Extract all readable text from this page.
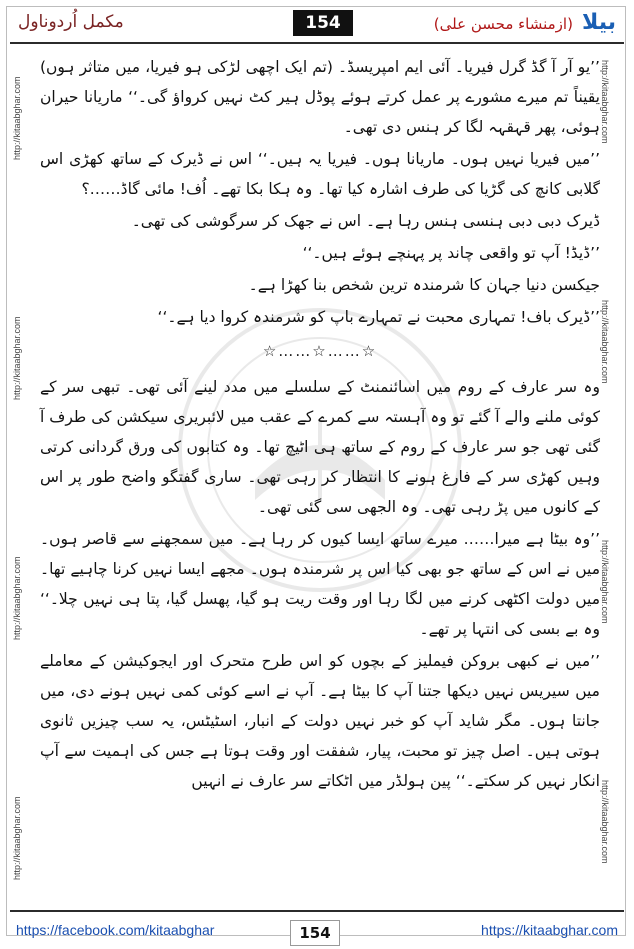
مکمل اُردوناول	154	بیلا (ازمنشاء محسن علی)
http://kitaabghar.com
http://kitaabghar.com
http://kitaabghar.com
http://kitaabghar.com
http://kitaabghar.com
http://kitaabghar.com
http://kitaabghar.com
http://kitaabghar.com

’’یو آر آ گڈ گرل فیریا۔ آئی ایم امپریسڈ۔ (تم ایک اچھی لڑکی ہو فیریا، میں متاثر ہوں) یقیناً تم میرے مشورے پر عمل کرتے ہوئے پوڈل ہیر کٹ نہیں کرواؤ گی۔‘‘ ماریانا حیران ہوئی، پھر قہقہہ لگا کر ہنس دی تھی۔

’’میں فیریا نہیں ہوں۔ ماریانا ہوں۔ فیریا یہ ہیں۔‘‘ اس نے ڈیرک کے ساتھ کھڑی اس گلابی کانچ کی گڑیا کی طرف اشارہ کیا تھا۔ وہ ہکا بکا تھے۔ اُف! مائی گاڈ……؟

ڈیرک دبی دبی ہنسی ہنس رہا ہے۔ اس نے جھک کر سرگوشی کی تھی۔

’’ڈیڈ! آپ تو واقعی چاند پر پہنچے ہوئے ہیں۔‘‘

جیکسن دنیا جہان کا شرمندہ ترین شخص بنا کھڑا ہے۔

’’ڈیرک باف! تمہاری محبت نے تمہارے باپ کو شرمندہ کروا دیا ہے۔‘‘

☆……☆……☆

وہ سر عارف کے روم میں اسائنمنٹ کے سلسلے میں مدد لینے آئی تھی۔ تبھی سر کے کوئی ملنے والے آ گئے تو وہ آہستہ سے کمرے کے عقب میں لائبریری سیکشن کی طرف آ گئی تھی جو سر عارف کے روم کے ساتھ ہی اٹیچ تھا۔ وہ کتابوں کی ورق گردانی کرتی وہیں کھڑی سر کے فارغ ہونے کا انتظار کر رہی تھی۔ ساری گفتگو واضح طور پر اس کے کانوں میں پڑ رہی تھی۔ وہ الجھی سی گئی تھی۔

’’وہ بیٹا ہے میرا…… میرے ساتھ ایسا کیوں کر رہا ہے۔ میں سمجھنے سے قاصر ہوں۔ میں نے اس کے ساتھ جو بھی کیا اس پر شرمندہ ہوں۔ مجھے ایسا نہیں کرنا چاہیے تھا۔ میں دولت اکٹھی کرنے میں لگا رہا اور وقت ریت ہو گیا، پھسل گیا، پتا ہی نہیں چلا۔‘‘ وہ بے بسی کی انتہا پر تھے۔

’’میں نے کبھی بروکن فیملیز کے بچوں کو اس طرح متحرک اور ایجوکیشن کے معاملے میں سیریس نہیں دیکھا جتنا آپ کا بیٹا ہے۔ آپ نے اسے کوئی کمی نہیں ہونے دی، میں جانتا ہوں۔ مگر شاید آپ کو خبر نہیں دولت کے انبار، اسٹیٹس، یہ سب چیزیں ثانوی ہوتی ہیں۔ اصل چیز تو محبت، پیار، شفقت اور وقت ہوتا ہے جس کی اہمیت سے آپ انکار نہیں کر سکتے۔‘‘ پین ہولڈر میں اٹکاتے سر عارف نے انہیں

https://facebook.com/kitaabghar	154	https://kitaabghar.com
